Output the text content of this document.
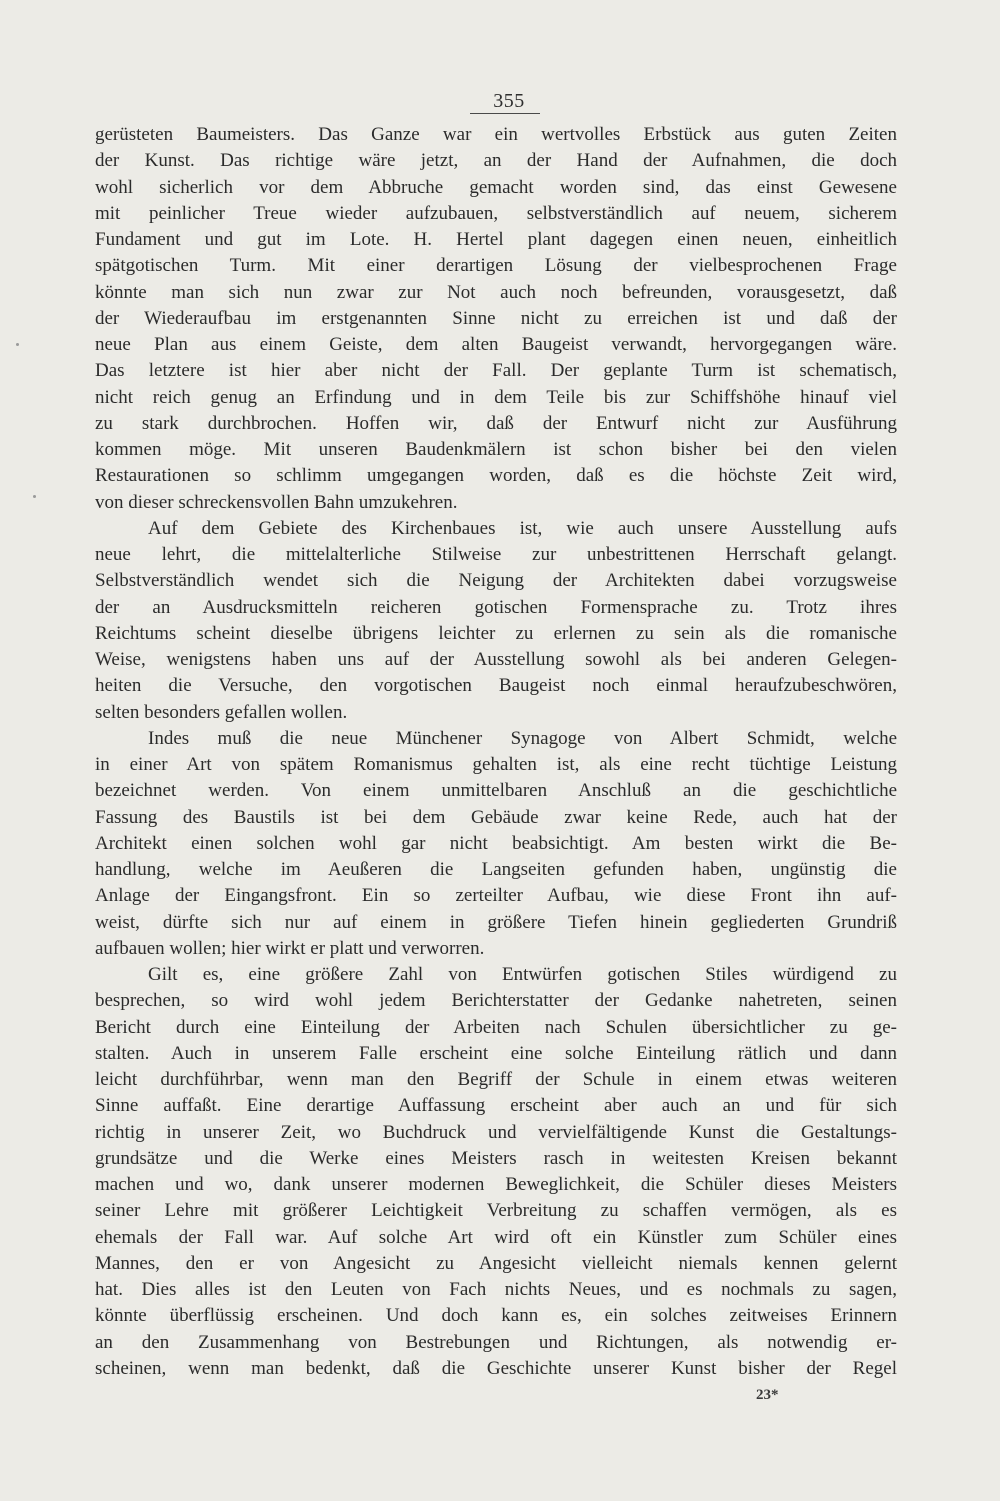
355
gerüsteten Baumeisters. Das Ganze war ein wertvolles Erbstück aus guten Zeiten
der Kunst. Das richtige wäre jetzt, an der Hand der Aufnahmen, die doch
wohl sicherlich vor dem Abbruche gemacht worden sind, das einst Gewesene
mit peinlicher Treue wieder aufzubauen, selbstverständlich auf neuem, sicherem
Fundament und gut im Lote. H. Hertel plant dagegen einen neuen, einheitlich
spätgotischen Turm. Mit einer derartigen Lösung der vielbesprochenen Frage
könnte man sich nun zwar zur Not auch noch befreunden, vorausgesetzt, daß
der Wiederaufbau im erstgenannten Sinne nicht zu erreichen ist und daß der
neue Plan aus einem Geiste, dem alten Baugeist verwandt, hervorgegangen wäre.
Das letztere ist hier aber nicht der Fall. Der geplante Turm ist schematisch,
nicht reich genug an Erfindung und in dem Teile bis zur Schiffshöhe hinauf viel
zu stark durchbrochen. Hoffen wir, daß der Entwurf nicht zur Ausführung
kommen möge. Mit unseren Baudenkmälern ist schon bisher bei den vielen
Restaurationen so schlimm umgegangen worden, daß es die höchste Zeit wird,
von dieser schreckensvollen Bahn umzukehren.
Auf dem Gebiete des Kirchenbaues ist, wie auch unsere Ausstellung aufs
neue lehrt, die mittelalterliche Stilweise zur unbestrittenen Herrschaft gelangt.
Selbstverständlich wendet sich die Neigung der Architekten dabei vorzugsweise
der an Ausdrucksmitteln reicheren gotischen Formensprache zu. Trotz ihres
Reichtums scheint dieselbe übrigens leichter zu erlernen zu sein als die romanische
Weise, wenigstens haben uns auf der Ausstellung sowohl als bei anderen Gelegen-
heiten die Versuche, den vorgotischen Baugeist noch einmal heraufzubeschwören,
selten besonders gefallen wollen.
Indes muß die neue Münchener Synagoge von Albert Schmidt, welche
in einer Art von spätem Romanismus gehalten ist, als eine recht tüchtige Leistung
bezeichnet werden. Von einem unmittelbaren Anschluß an die geschichtliche
Fassung des Baustils ist bei dem Gebäude zwar keine Rede, auch hat der
Architekt einen solchen wohl gar nicht beabsichtigt. Am besten wirkt die Be-
handlung, welche im Aeußeren die Langseiten gefunden haben, ungünstig die
Anlage der Eingangsfront. Ein so zerteilter Aufbau, wie diese Front ihn auf-
weist, dürfte sich nur auf einem in größere Tiefen hinein gegliederten Grundriß
aufbauen wollen; hier wirkt er platt und verworren.
Gilt es, eine größere Zahl von Entwürfen gotischen Stiles würdigend zu
besprechen, so wird wohl jedem Berichterstatter der Gedanke nahetreten, seinen
Bericht durch eine Einteilung der Arbeiten nach Schulen übersichtlicher zu ge-
stalten. Auch in unserem Falle erscheint eine solche Einteilung rätlich und dann
leicht durchführbar, wenn man den Begriff der Schule in einem etwas weiteren
Sinne auffaßt. Eine derartige Auffassung erscheint aber auch an und für sich
richtig in unserer Zeit, wo Buchdruck und vervielfältigende Kunst die Gestaltungs-
grundsätze und die Werke eines Meisters rasch in weitesten Kreisen bekannt
machen und wo, dank unserer modernen Beweglichkeit, die Schüler dieses Meisters
seiner Lehre mit größerer Leichtigkeit Verbreitung zu schaffen vermögen, als es
ehemals der Fall war. Auf solche Art wird oft ein Künstler zum Schüler eines
Mannes, den er von Angesicht zu Angesicht vielleicht niemals kennen gelernt
hat. Dies alles ist den Leuten von Fach nichts Neues, und es nochmals zu sagen,
könnte überflüssig erscheinen. Und doch kann es, ein solches zeitweises Erinnern
an den Zusammenhang von Bestrebungen und Richtungen, als notwendig er-
scheinen, wenn man bedenkt, daß die Geschichte unserer Kunst bisher der Regel
23*
